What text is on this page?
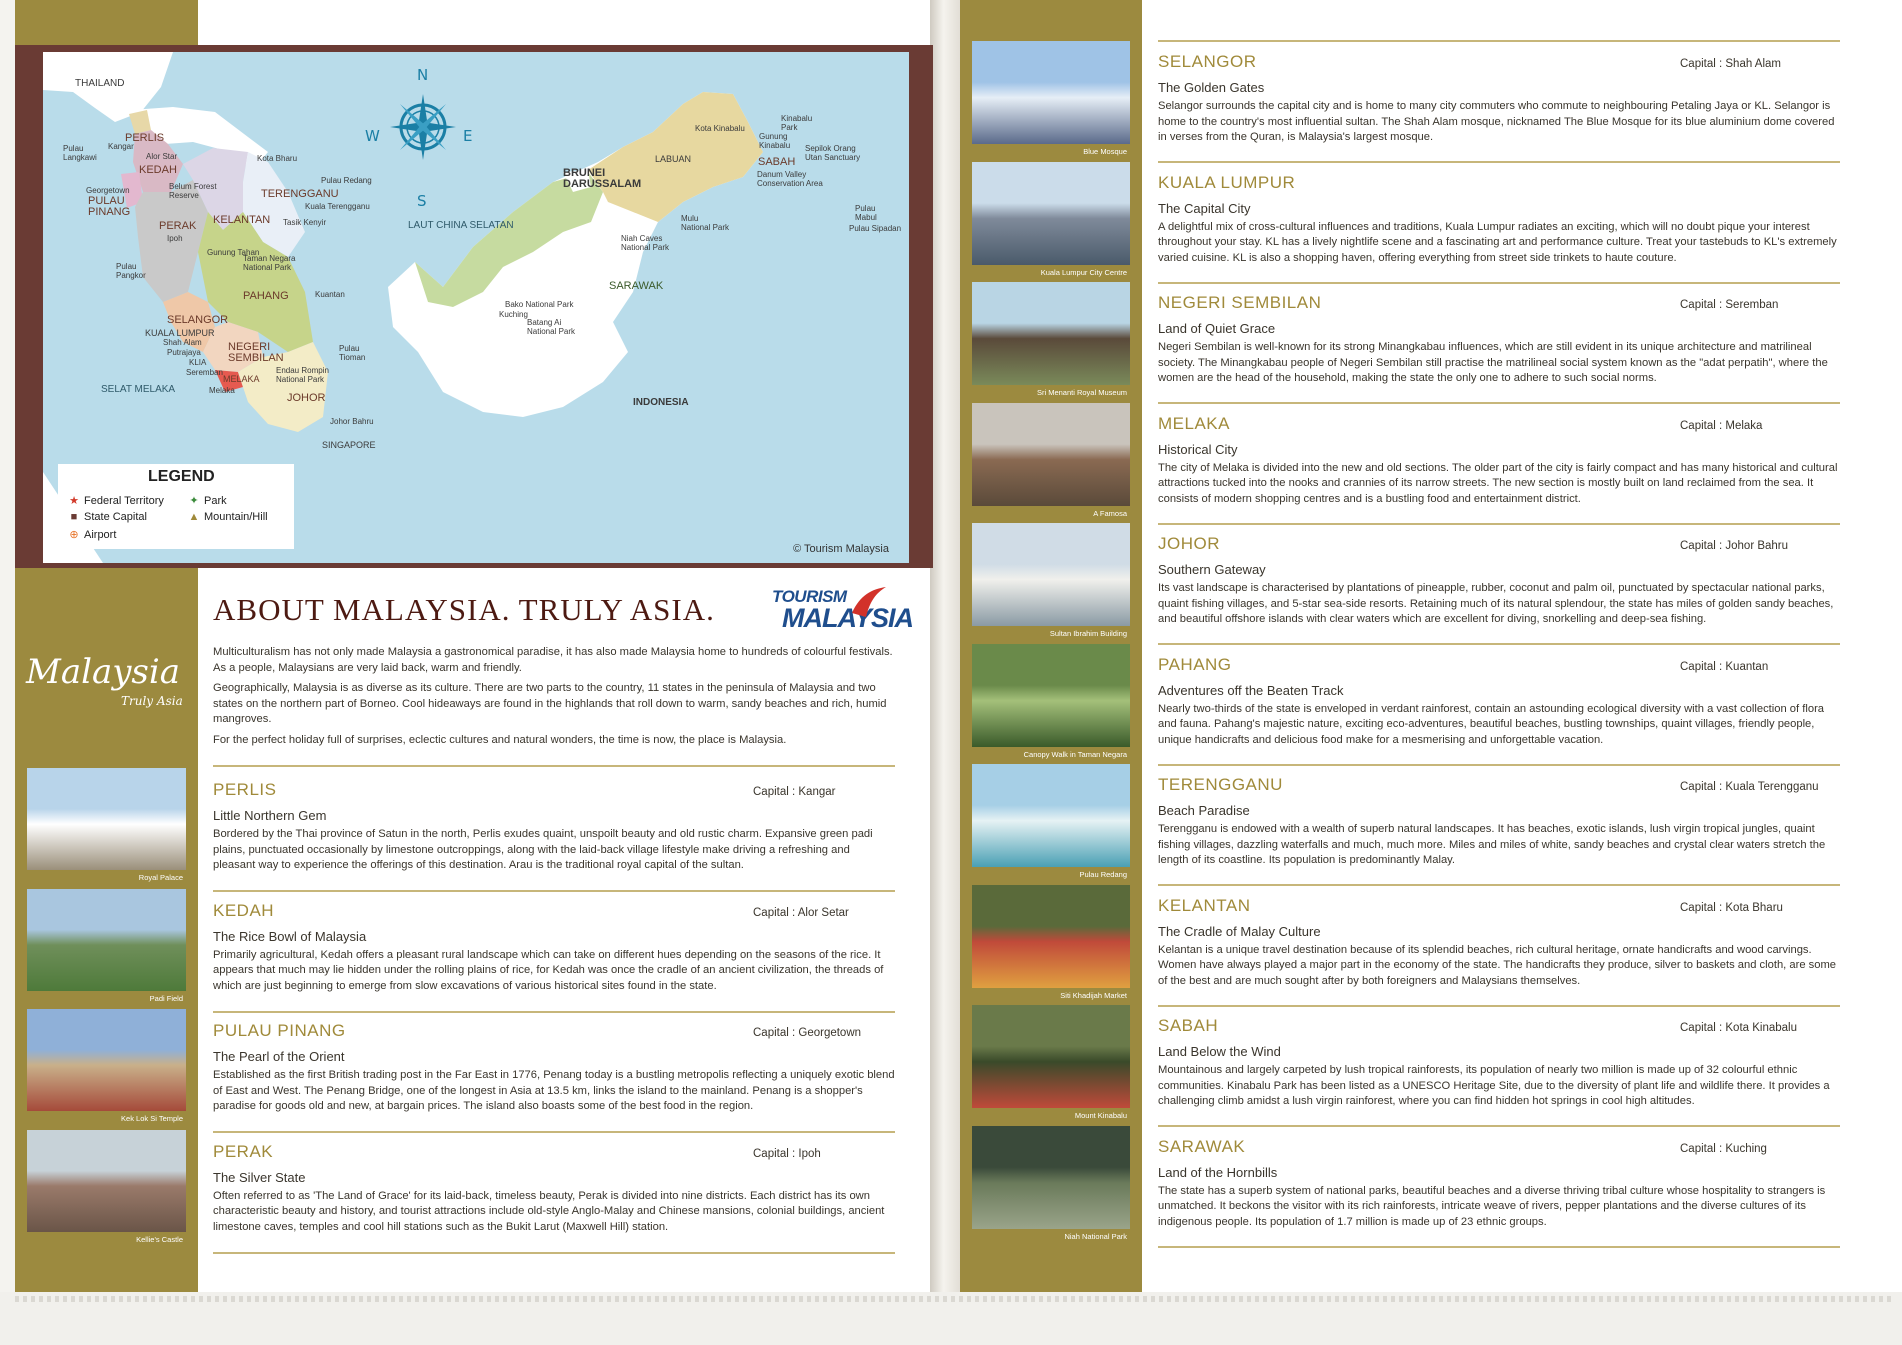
N
S
E
W
THAILAND
PERLIS
Kangar
Pulau
Langkawi	Alor Star
KEDAH
Kota Bharu
Pulau Redang
Georgetown
PULAU
PINANG
Belum Forest
Reserve	TERENGGANU
Kuala Terengganu
PERAK
Ipoh
KELANTAN Tasik Kenyir
Gunung Tahan
Taman Negara
National Park
Pulau
Pangkor
PAHANG	Kuantan
SELANGOR
KUALA LUMPUR
Shah Alam
Putrajaya
KLIA
NEGERI
SEMBILAN
Seremban
Pulau
Tioman
Endau Rompin
National Park
SELAT MELAKA
MELAKA
Melaka
JOHOR
Johor Bahru
SINGAPORE
LAUT CHINA SELATAN
BRUNEI
DARUSSALAM
LABUAN
Kota Kinabalu
Kinabalu
Park
Gunung
Kinabalu Sepilok Orang
Utan Sanctuary
SABAH
Danum Valley
Conservation Area
Pulau
Mabul
Pulau Sipadan
Mulu
National Park
Niah Caves
National Park
SARAWAK
Bako National Park
Kuching
Batang Ai
National Park
INDONESIA
LEGEND
★ Federal Territory
■ State Capital
⊕ Airport
✦ Park
▲ Mountain/Hill
© Tourism Malaysia
ABOUT MALAYSIA. TRULY ASIA.	TOURISM
MALAYSIA
Malaysia
Truly Asia
Multiculturalism has not only made Malaysia a gastronomical paradise, it has also made Malaysia home to hundreds of colourful festivals. As a people, Malaysians are very laid back, warm and friendly.
Geographically, Malaysia is as diverse as its culture. There are two parts to the country, 11 states in the peninsula of Malaysia and two states on the northern part of Borneo. Cool hideaways are found in the highlands that roll down to warm, sandy beaches and rich, humid mangroves.
For the perfect holiday full of surprises, eclectic cultures and natural wonders, the time is now, the place is Malaysia.
PERLIS	Capital : Kangar
Little Northern Gem
Bordered by the Thai province of Satun in the north, Perlis exudes quaint, unspoilt beauty and old rustic charm. Expansive green padi plains, punctuated occasionally by limestone outcroppings, along with the laid-back village lifestyle make driving a refreshing and pleasant way to experience the offerings of this destination. Arau is the traditional royal capital of the sultan.
Royal Palace
KEDAH	Capital : Alor Setar
The Rice Bowl of Malaysia
Primarily agricultural, Kedah offers a pleasant rural landscape which can take on different hues depending on the seasons of the rice. It appears that much may lie hidden under the rolling plains of rice, for Kedah was once the cradle of an ancient civilization, the threads of which are just beginning to emerge from slow excavations of various historical sites found in the state.
Padi Field
PULAU PINANG	Capital : Georgetown
The Pearl of the Orient
Established as the first British trading post in the Far East in 1776, Penang today is a bustling metropolis reflecting a uniquely exotic blend of East and West. The Penang Bridge, one of the longest in Asia at 13.5 km, links the island to the mainland. Penang is a shopper's paradise for goods old and new, at bargain prices. The island also boasts some of the best food in the region.
Kek Lok Si Temple
PERAK	Capital : Ipoh
The Silver State
Often referred to as 'The Land of Grace' for its laid-back, timeless beauty, Perak is divided into nine districts. Each district has its own characteristic beauty and history, and tourist attractions include old-style Anglo-Malay and Chinese mansions, colonial buildings, ancient limestone caves, temples and cool hill stations such as the Bukit Larut (Maxwell Hill) station.
Kellie's Castle
SELANGOR	Capital : Shah Alam
The Golden Gates
Selangor surrounds the capital city and is home to many city commuters who commute to neighbouring Petaling Jaya or KL. Selangor is home to the country's most influential sultan. The Shah Alam mosque, nicknamed The Blue Mosque for its blue aluminium dome covered in verses from the Quran, is Malaysia's largest mosque.
Blue Mosque
KUALA LUMPUR
The Capital City
A delightful mix of cross-cultural influences and traditions, Kuala Lumpur radiates an exciting, which will no doubt pique your interest throughout your stay. KL has a lively nightlife scene and a fascinating art and performance culture. Treat your tastebuds to KL's extremely varied cuisine. KL is also a shopping haven, offering everything from street side trinkets to haute couture.
Kuala Lumpur City Centre
NEGERI SEMBILAN	Capital : Seremban
Land of Quiet Grace
Negeri Sembilan is well-known for its strong Minangkabau influences, which are still evident in its unique architecture and matrilineal society. The Minangkabau people of Negeri Sembilan still practise the matrilineal social system known as the "adat perpatih", where the women are the head of the household, making the state the only one to adhere to such social norms.
Sri Menanti Royal Museum
MELAKA	Capital : Melaka
Historical City
The city of Melaka is divided into the new and old sections. The older part of the city is fairly compact and has many historical and cultural attractions tucked into the nooks and crannies of its narrow streets. The new section is mostly built on land reclaimed from the sea. It consists of modern shopping centres and is a bustling food and entertainment district.
A Famosa
JOHOR	Capital : Johor Bahru
Southern Gateway
Its vast landscape is characterised by plantations of pineapple, rubber, coconut and palm oil, punctuated by spectacular national parks, quaint fishing villages, and 5-star sea-side resorts. Retaining much of its natural splendour, the state has miles of golden sandy beaches, and beautiful offshore islands with clear waters which are excellent for diving, snorkelling and deep-sea fishing.
Sultan Ibrahim Building
PAHANG	Capital : Kuantan
Adventures off the Beaten Track
Nearly two-thirds of the state is enveloped in verdant rainforest, contain an astounding ecological diversity with a vast collection of flora and fauna. Pahang's majestic nature, exciting eco-adventures, beautiful beaches, bustling townships, quaint villages, friendly people, unique handicrafts and delicious food make for a mesmerising and unforgettable vacation.
Canopy Walk in Taman Negara
TERENGGANU	Capital : Kuala Terengganu
Beach Paradise
Terengganu is endowed with a wealth of superb natural landscapes. It has beaches, exotic islands, lush virgin tropical jungles, quaint fishing villages, dazzling waterfalls and much, much more. Miles and miles of white, sandy beaches and crystal clear waters stretch the length of its coastline. Its population is predominantly Malay.
Pulau Redang
KELANTAN	Capital : Kota Bharu
The Cradle of Malay Culture
Kelantan is a unique travel destination because of its splendid beaches, rich cultural heritage, ornate handicrafts and wood carvings. Women have always played a major part in the economy of the state. The handicrafts they produce, silver to baskets and cloth, are some of the best and are much sought after by both foreigners and Malaysians themselves.
Siti Khadijah Market
SABAH	Capital : Kota Kinabalu
Land Below the Wind
Mountainous and largely carpeted by lush tropical rainforests, its population of nearly two million is made up of 32 colourful ethnic communities. Kinabalu Park has been listed as a UNESCO Heritage Site, due to the diversity of plant life and wildlife there. It provides a challenging climb amidst a lush virgin rainforest, where you can find hidden hot springs in cool high altitudes.
Mount Kinabalu
SARAWAK	Capital : Kuching
Land of the Hornbills
The state has a superb system of national parks, beautiful beaches and a diverse thriving tribal culture whose hospitality to strangers is unmatched. It beckons the visitor with its rich rainforests, intricate weave of rivers, pepper plantations and the diverse cultures of its indigenous people. Its population of 1.7 million is made up of 23 ethnic groups.
Niah National Park
